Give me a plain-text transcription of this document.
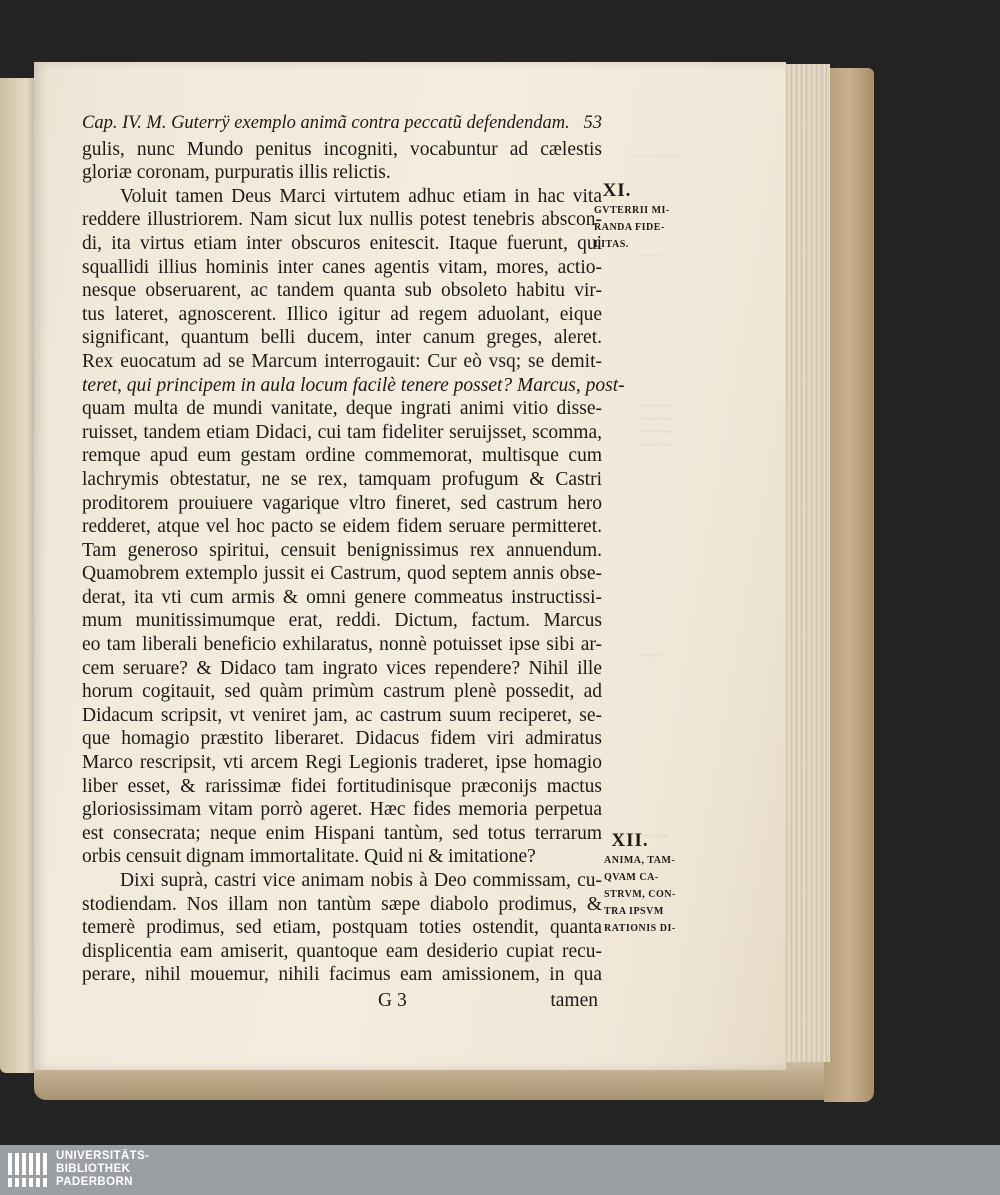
~~~~~~~~~
~~~~
~~~~~~
~~~~~~
~~~~~~
~~~~~~
~~~~
~~~~~
Cap. IV. M. Guterrÿ exemplo animã contra peccatũ defendendam. 53
gulis, nunc Mundo penitus incogniti, vocabuntur ad cælestis
gloriæ coronam, purpuratis illis relictis.
Voluit tamen Deus Marci virtutem adhuc etiam in hac vita
reddere illustriorem. Nam sicut lux nullis potest tenebris abscon-
di, ita virtus etiam inter obscuros enitescit. Itaque fuerunt, qui
squallidi illius hominis inter canes agentis vitam, mores, actio-
nesque obseruarent, ac tandem quanta sub obsoleto habitu vir-
tus lateret, agnoscerent. Illico igitur ad regem aduolant, eique
significant, quantum belli ducem, inter canum greges, aleret.
Rex euocatum ad se Marcum interrogauit: Cur eò vsq; se demit-
teret, qui principem in aula locum facilè tenere posset? Marcus, post-
quam multa de mundi vanitate, deque ingrati animi vitio disse-
ruisset, tandem etiam Didaci, cui tam fideliter seruijsset, scomma,
remque apud eum gestam ordine commemorat, multisque cum
lachrymis obtestatur, ne se rex, tamquam profugum & Castri
proditorem prouiuere vagarique vltro fineret, sed castrum hero
redderet, atque vel hoc pacto se eidem fidem seruare permitteret.
Tam generoso spiritui, censuit benignissimus rex annuendum.
Quamobrem extemplo jussit ei Castrum, quod septem annis obse-
derat, ita vti cum armis & omni genere commeatus instructissi-
mum munitissimumque erat, reddi. Dictum, factum. Marcus
eo tam liberali beneficio exhilaratus, nonnè potuisset ipse sibi ar-
cem seruare? & Didaco tam ingrato vices rependere? Nihil ille
horum cogitauit, sed quàm primùm castrum plenè possedit, ad
Didacum scripsit, vt veniret jam, ac castrum suum reciperet, se-
que homagio præstito liberaret. Didacus fidem viri admiratus
Marco rescripsit, vti arcem Regi Legionis traderet, ipse homagio
liber esset, & rarissimæ fidei fortitudinisque præconijs mactus
gloriosissimam vitam porrò ageret. Hæc fides memoria perpetua
est consecrata; neque enim Hispani tantùm, sed totus terrarum
orbis censuit dignam immortalitate. Quid ni & imitatione?
Dixi suprà, castri vice animam nobis à Deo commissam, cu-
stodiendam. Nos illam non tantùm sæpe diabolo prodimus, &
temerè prodimus, sed etiam, postquam toties ostendit, quanta
displicentia eam amiserit, quantoque eam desiderio cupiat recu-
perare, nihil mouemur, nihili facimus eam amissionem, in qua
G 3	tamen
XI.
GVTERRII MI-
RANDA FIDE-
LITAS.
XII.
ANIMA, TAM-
QVAM CA-
STRVM, CON-
TRA IPSVM
RATIONIS DI-
UNIVERSITÄTS-
BIBLIOTHEK
PADERBORN
